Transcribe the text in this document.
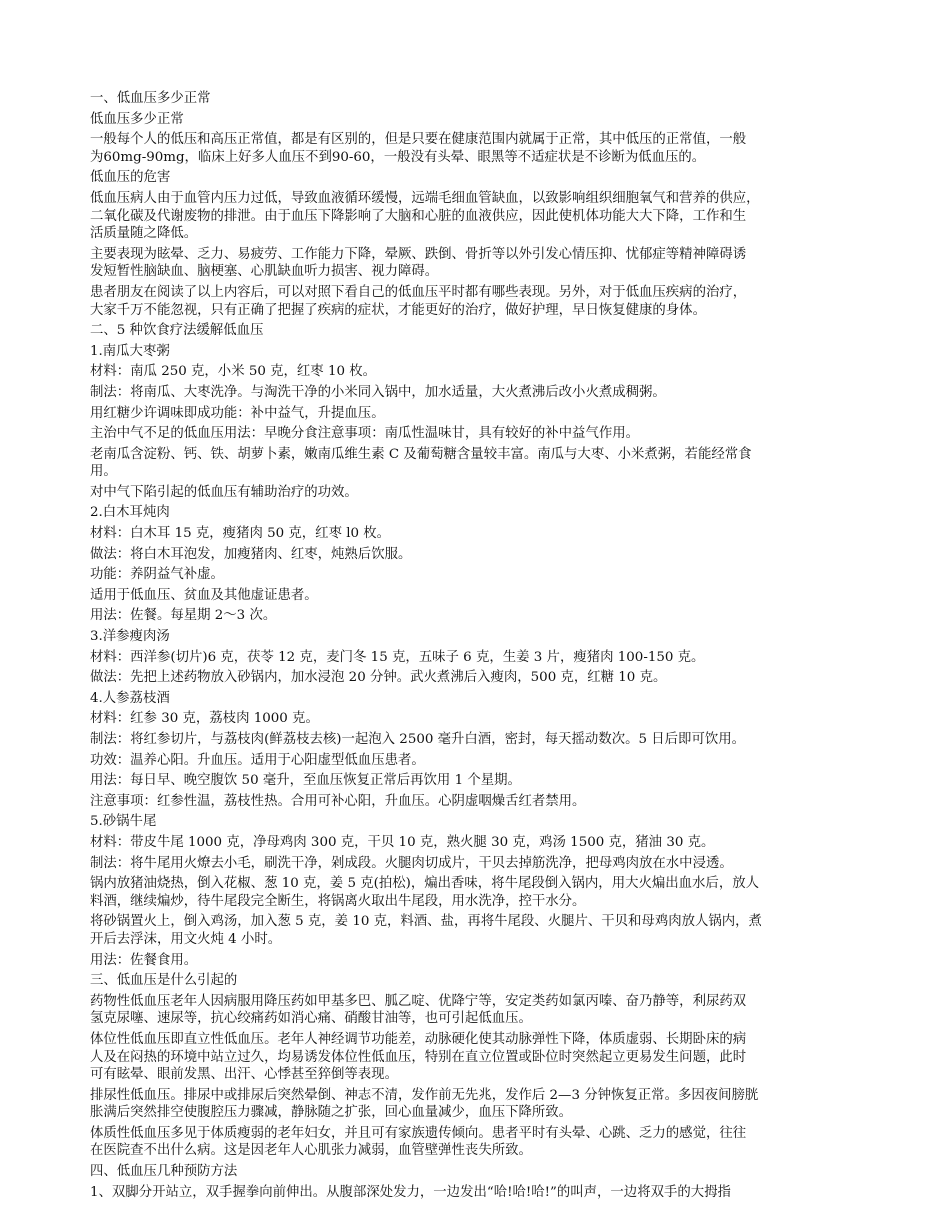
一、低血压多少正常
低血压多少正常
一般每个人的低压和高压正常值，都是有区别的，但是只要在健康范围内就属于正常，其中低压的正常值，一般
为60mg-90mg，临床上好多人血压不到90-60，一般没有头晕、眼黑等不适症状是不诊断为低血压的。
低血压的危害
低血压病人由于血管内压力过低，导致血液循环缓慢，远端毛细血管缺血，以致影响组织细胞氧气和营养的供应，
二氧化碳及代谢废物的排泄。由于血压下降影响了大脑和心脏的血液供应，因此使机体功能大大下降，工作和生
活质量随之降低。
主要表现为眩晕、乏力、易疲劳、工作能力下降，晕厥、跌倒、骨折等以外引发心情压抑、忧郁症等精神障碍诱
发短暂性脑缺血、脑梗塞、心肌缺血听力损害、视力障碍。
患者朋友在阅读了以上内容后，可以对照下看自己的低血压平时都有哪些表现。另外，对于低血压疾病的治疗，
大家千万不能忽视，只有正确了把握了疾病的症状，才能更好的治疗，做好护理，早日恢复健康的身体。
二、5 种饮食疗法缓解低血压
1.南瓜大枣粥
材料：南瓜 250 克，小米 50 克，红枣 10 枚。
制法：将南瓜、大枣洗净。与淘洗干净的小米同入锅中，加水适量，大火煮沸后改小火煮成稠粥。
用红糖少许调味即成功能：补中益气，升提血压。
主治中气不足的低血压用法：早晚分食注意事项：南瓜性温味甘，具有较好的补中益气作用。
老南瓜含淀粉、钙、铁、胡萝卜素，嫩南瓜维生素 C 及葡萄糖含量较丰富。南瓜与大枣、小米煮粥，若能经常食
用。
对中气下陷引起的低血压有辅助治疗的功效。
2.白木耳炖肉
材料：白木耳 15 克，瘦猪肉 50 克，红枣 l0 枚。
做法：将白木耳泡发，加瘦猪肉、红枣，炖熟后饮服。
功能：养阴益气补虚。
适用于低血压、贫血及其他虚证患者。
用法：佐餐。每星期 2～3 次。
3.洋参瘦肉汤
材料：西洋参(切片)6 克，茯苓 12 克，麦门冬 15 克，五味子 6 克，生姜 3 片，瘦猪肉 100-150 克。
做法：先把上述药物放入砂锅内，加水浸泡 20 分钟。武火煮沸后入瘦肉，500 克，红糖 10 克。
4.人参荔枝酒
材料：红参 30 克，荔枝肉 1000 克。
制法：将红参切片，与荔枝肉(鲜荔枝去核)一起泡入 2500 毫升白酒，密封，每天摇动数次。5 日后即可饮用。
功效：温养心阳。升血压。适用于心阳虚型低血压患者。
用法：每日早、晚空腹饮 50 毫升，至血压恢复正常后再饮用 1 个星期。
注意事项：红参性温，荔枝性热。合用可补心阳，升血压。心阴虚咽燥舌红者禁用。
5.砂锅牛尾
材料：带皮牛尾 1000 克，净母鸡肉 300 克，干贝 10 克，熟火腿 30 克，鸡汤 1500 克，猪油 30 克。
制法：将牛尾用火燎去小毛，刷洗干净，剁成段。火腿肉切成片，干贝去掉筋洗净，把母鸡肉放在水中浸透。
锅内放猪油烧热，倒入花椒、葱 10 克，姜 5 克(拍松)，煸出香味，将牛尾段倒入锅内，用大火煸出血水后，放人
料酒，继续煸炒，待牛尾段完全断生，将锅离火取出牛尾段，用水洗净，控干水分。
将砂锅置火上，倒入鸡汤，加入葱 5 克，姜 10 克，料酒、盐，再将牛尾段、火腿片、干贝和母鸡肉放人锅内，煮
开后去浮沫，用文火炖 4 小时。
用法：佐餐食用。
三、低血压是什么引起的
药物性低血压老年人因病服用降压药如甲基多巴、胍乙啶、优降宁等，安定类药如氯丙嗪、奋乃静等，利尿药双
氢克尿噻、速尿等，抗心绞痛药如消心痛、硝酸甘油等，也可引起低血压。
体位性低血压即直立性低血压。老年人神经调节功能差，动脉硬化使其动脉弹性下降，体质虚弱、长期卧床的病
人及在闷热的环境中站立过久，均易诱发体位性低血压，特别在直立位置或卧位时突然起立更易发生问题，此时
可有眩晕、眼前发黑、出汗、心悸甚至猝倒等表现。
排尿性低血压。排尿中或排尿后突然晕倒、神志不清，发作前无先兆，发作后 2—3 分钟恢复正常。多因夜间膀胱
胀满后突然排空使腹腔压力骤减，静脉随之扩张，回心血量减少，血压下降所致。
体质性低血压多见于体质瘦弱的老年妇女，并且可有家族遗传倾向。患者平时有头晕、心跳、乏力的感觉，往往
在医院查不出什么病。这是因老年人心肌张力减弱，血管壁弹性丧失所致。
四、低血压几种预防方法
1、双脚分开站立，双手握拳向前伸出。从腹部深处发力，一边发出“哈!哈!哈!”的叫声，一边将双手的大拇指
